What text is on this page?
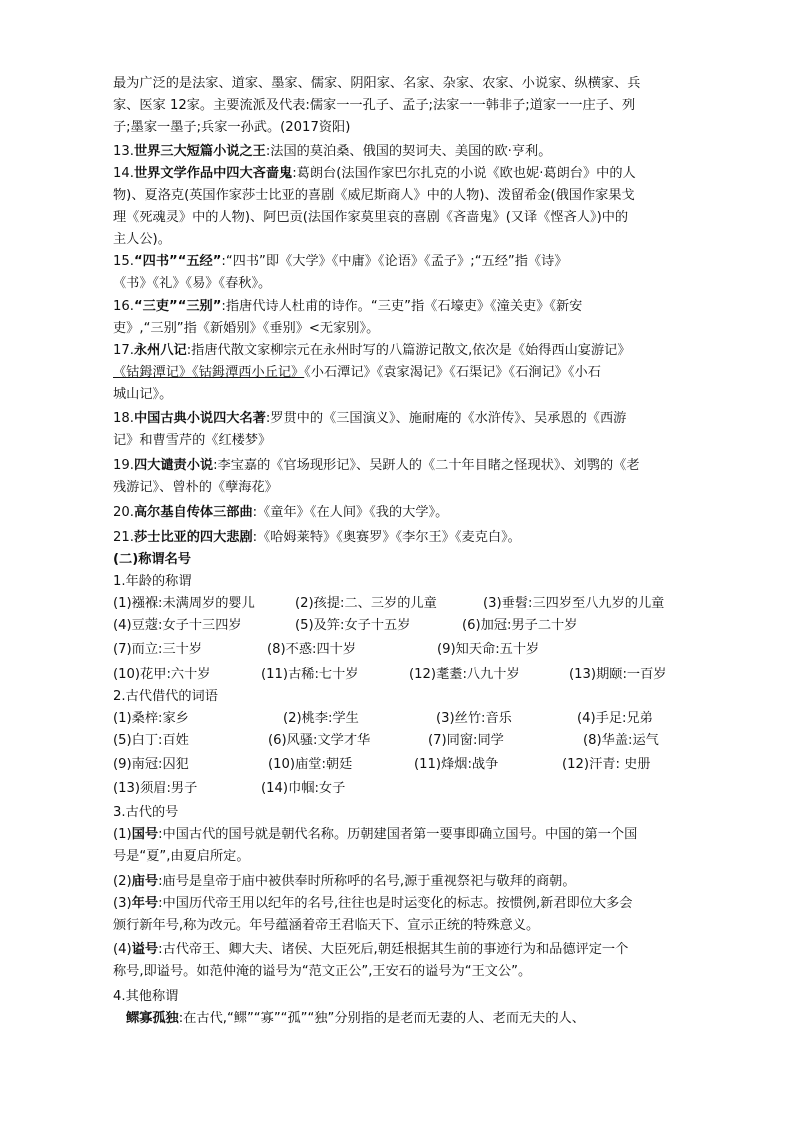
最为广泛的是法家、道家、墨家、儒家、阴阳家、名家、杂家、农家、小说家、纵横家、兵
家、医家 12家。主要流派及代表:儒家一一孔子、孟子;法家一一韩非子;道家一一庄子、列
子;墨家一墨子;兵家一孙武。(2017资阳)
13.世界三大短篇小说之王:法国的莫泊桑、俄国的契诃夫、美国的欧·亨利。
14.世界文学作品中四大吝啬鬼:葛朗台(法国作家巴尔扎克的小说《欧也妮·葛朗台》中的人
物)、夏洛克(英国作家莎士比亚的喜剧《威尼斯商人》中的人物)、泼留希金(俄国作家果戈
理《死魂灵》中的人物)、阿巴贡(法国作家莫里哀的喜剧《吝啬鬼》(又译《悭吝人》)中的
主人公)。
15.“四书”“五经”:“四书”即《大学》《中庸》《论语》《孟子》;“五经”指《诗》
《书》《礼》《易》《春秋》。
16.“三吏”“三别”:指唐代诗人杜甫的诗作。“三吏”指《石壕吏》《潼关吏》《新安
吏》,“三别”指《新婚别》《垂别》<无家别》。
17.永州八记:指唐代散文家柳宗元在永州时写的八篇游记散文,依次是《始得西山宴游记》
《钴鉧潭记》《钴鉧潭西小丘记》《小石潭记》《袁家渴记》《石渠记》《石涧记》《小石
城山记》。
18.中国古典小说四大名著:罗贯中的《三国演义》、施耐庵的《水浒传》、吴承恩的《西游
记》和曹雪芹的《红楼梦》
19.四大谴责小说:李宝嘉的《官场现形记》、吴趼人的《二十年目睹之怪现状》、刘鹗的《老
残游记》、曾朴的《孽海花》
20.高尔基自传体三部曲:《童年》《在人间》《我的大学》。
21.莎士比亚的四大悲剧:《哈姆莱特》《奥赛罗》《李尔王》《麦克白》。
(二)称谓名号
1.年龄的称谓
(1)襁褓:未满周岁的婴儿	(2)孩提:二、三岁的儿童	(3)垂髫:三四岁至八九岁的儿童
(4)豆蔻:女子十三四岁	(5)及笄:女子十五岁	(6)加冠:男子二十岁
(7)而立:三十岁	(8)不惑:四十岁	(9)知天命:五十岁
(10)花甲:六十岁	(11)古稀:七十岁	(12)耄耋:八九十岁	(13)期颐:一百岁
2.古代借代的词语
(1)桑梓:家乡	(2)桃李:学生	(3)丝竹:音乐	(4)手足:兄弟
(5)白丁:百姓	(6)风骚:文学才华	(7)同窗:同学	(8)华盖:运气
(9)南冠:囚犯	(10)庙堂:朝廷	(11)烽烟:战争	(12)汗青: 史册
(13)须眉:男子	(14)巾帼:女子
3.古代的号
(1)国号:中国古代的国号就是朝代名称。历朝建国者第一要事即确立国号。中国的第一个国
号是“夏”,由夏启所定。
(2)庙号:庙号是皇帝于庙中被供奉时所称呼的名号,源于重视祭祀与敬拜的商朝。
(3)年号:中国历代帝王用以纪年的名号,往往也是时运变化的标志。按惯例,新君即位大多会
颁行新年号,称为改元。年号蕴涵着帝王君临天下、宣示正统的特殊意义。
(4)谥号:古代帝王、卿大夫、诸侯、大臣死后,朝廷根据其生前的事迹行为和品德评定一个
称号,即谥号。如范仲淹的谥号为“范文正公”,王安石的谥号为“王文公”。
4.其他称谓
鳏寡孤独:在古代,“鳏”“寡”“孤”“独”分别指的是老而无妻的人、老而无夫的人、
